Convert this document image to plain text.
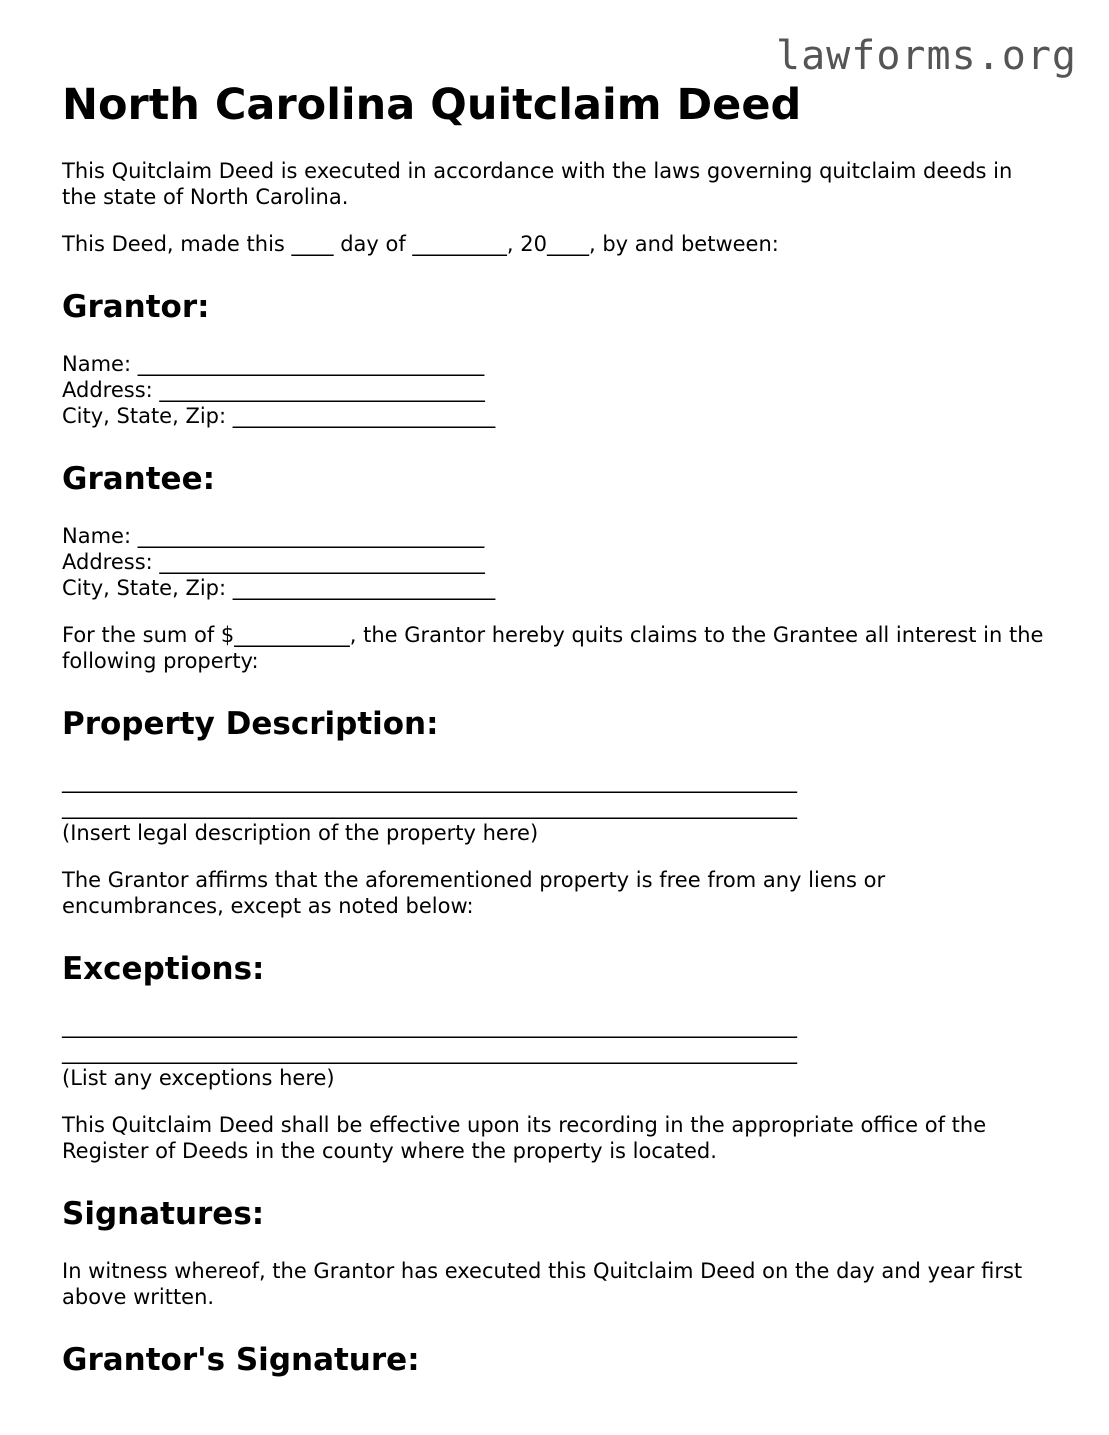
lawforms.org
North Carolina Quitclaim Deed

This Quitclaim Deed is executed in accordance with the laws governing quitclaim deeds in the state of North Carolina.

This Deed, made this ____ day of _________, 20____, by and between:

Grantor:
Name: _________________________________
Address: _______________________________
City, State, Zip: _________________________
Grantee:
Name: _________________________________
Address: _______________________________
City, State, Zip: _________________________

For the sum of $___________, the Grantor hereby quits claims to the Grantee all interest in the following property:

Property Description:
______________________________________________________________________
______________________________________________________________________

(Insert legal description of the property here)

The Grantor affirms that the aforementioned property is free from any liens or encumbrances, except as noted below:

Exceptions:
______________________________________________________________________
______________________________________________________________________

(List any exceptions here)

This Quitclaim Deed shall be effective upon its recording in the appropriate office of the Register of Deeds in the county where the property is located.

Signatures:

In witness whereof, the Grantor has executed this Quitclaim Deed on the day and year first above written.

Grantor's Signature:
